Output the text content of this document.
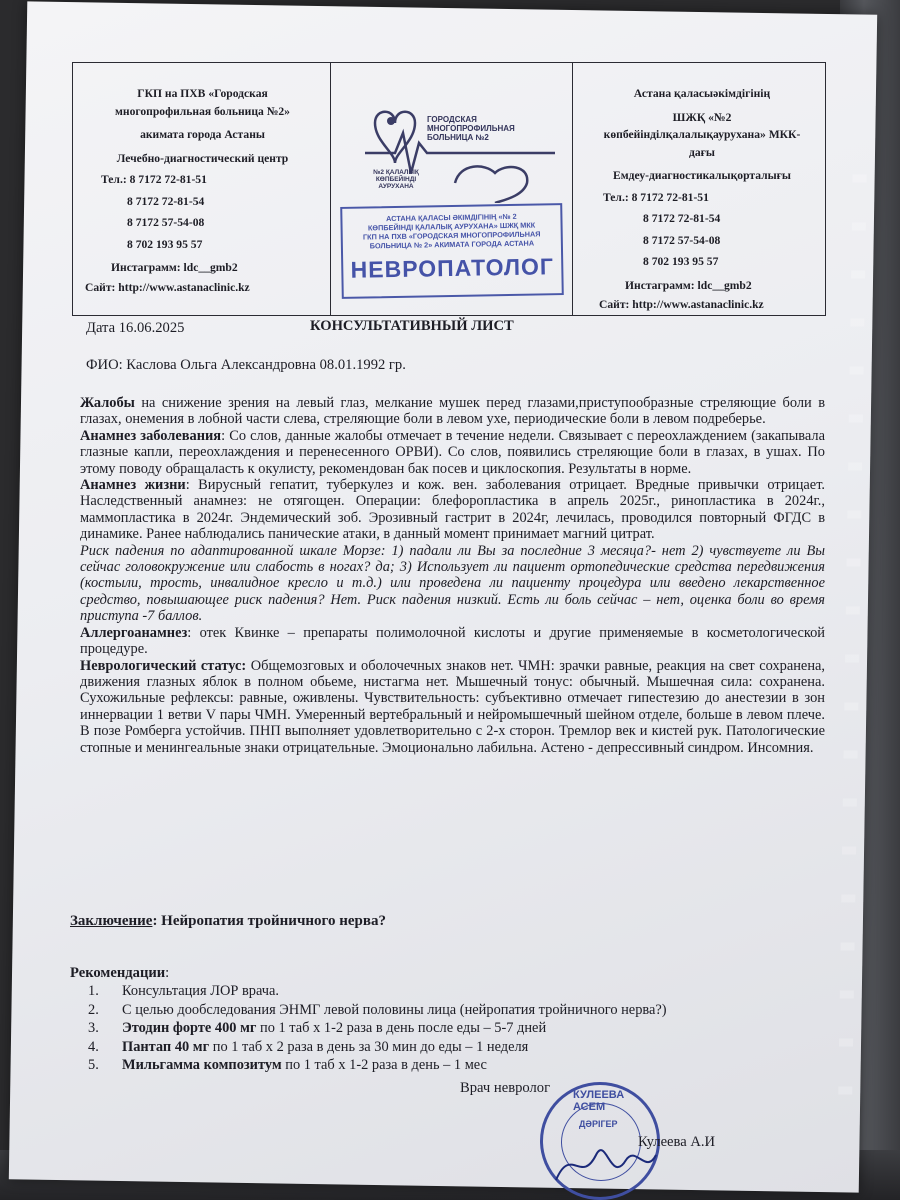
ГКП на ПХВ «Городская
многопрофильная больница №2»
акимата города Астаны
Лечебно-диагностический центр
Тел.: 8 7172 72-81-51
8 7172 72-81-54
8 7172 57-54-08
8 702 193 95 57
Инстаграмм: ldc__gmb2
Сайт: http://www.astanaclinic.kz
ГОРОДСКАЯ МНОГОПРОФИЛЬНАЯ БОЛЬНИЦА №2
№2 ҚАЛАЛЫҚ КӨПБЕЙІНДІ АУРУХАНА
АСТАНА ҚАЛАСЫ ӘКІМДІГІНІҢ «№ 2
КӨПБЕЙІНДІ ҚАЛАЛЫҚ АУРУХАНА» ШЖҚ МКК
ГКП НА ПХВ «ГОРОДСКАЯ МНОГОПРОФИЛЬНАЯ
БОЛЬНИЦА № 2» АКИМАТА ГОРОДА АСТАНА
НЕВРОПАТОЛОГ
Астана қаласыәкімдігінің
ШЖҚ «№2
көпбейінділқалалықаурухана» МКК-
дағы
Емдеу-диагностикалықорталығы
Тел.: 8 7172 72-81-51
8 7172 72-81-54
8 7172 57-54-08
8 702 193 95 57
Инстаграмм: ldc__gmb2
Сайт: http://www.astanaclinic.kz
Дата 16.06.2025	КОНСУЛЬТАТИВНЫЙ ЛИСТ
ФИО: Каслова Ольга Александровна 08.01.1992 гр.

Жалобы на снижение зрения на левый глаз, мелкание мушек перед глазами,приступообразные стреляющие боли в глазах, онемения в лобной части слева, стреляющие боли в левом ухе, периодические боли в левом подреберье.

Анамнез заболевания: Со слов, данные жалобы отмечает в течение недели. Связывает с переохлаждением (закапывала глазные капли, переохлаждения и перенесенного ОРВИ). Со слов, появились стреляющие боли в глазах, в ушах. По этому поводу обращаласть к окулисту, рекомендован бак посев и циклоскопия. Результаты в норме.

Анамнез жизни: Вирусный гепатит, туберкулез и кож. вен. заболевания отрицает. Вредные привычки отрицает. Наследственный анамнез: не отягощен. Операции: блефоропластика в апрель 2025г., ринопластика в 2024г., маммопластика в 2024г. Эндемический зоб. Эрозивный гастрит в 2024г, лечилась, проводился повторный ФГДС в динамике. Ранее наблюдались панические атаки, в данный момент принимает магний цитрат.

Риск падения по адаптированной шкале Морзе: 1) падали ли Вы за последние 3 месяца?- нет 2) чувствуете ли Вы сейчас головокружение или слабость в ногах? да; 3) Использует ли пациент ортопедические средства передвижения (костыли, трость, инвалидное кресло и т.д.) или проведена ли пациенту процедура или введено лекарственное средство, повышающее риск падения? Нет. Риск падения низкий. Есть ли боль сейчас – нет, оценка боли во время приступа -7 баллов.

Аллергоанамнез: отек Квинке – препараты полимолочной кислоты и другие применяемые в косметологической процедуре.

Неврологический статус: Общемозговых и оболочечных знаков нет. ЧМН: зрачки равные, реакция на свет сохранена, движения глазных яблок в полном обьеме, нистагма нет. Мышечный тонус: обычный. Мышечная сила: сохранена. Сухожильные рефлексы: равные, оживлены. Чувствительность: субъективно отмечает гипестезию до анестезии в зон иннервации 1 ветви V пары ЧМН. Умеренный вертебральный и нейромышечный шейном отделе, больше в левом плече. В позе Ромберга устойчив. ПНП выполняет удовлетворительно с 2-х сторон. Тремлор век и кистей рук. Патологические стопные и менингеальные знаки отрицательные. Эмоционально лабильна. Астено - депрессивный синдром. Инсомния.

Заключение: Нейропатия тройничного нерва?
Рекомендации:
1.	Консультация ЛОР врача.
2.	С целью дообследования ЭНМГ левой половины лица (нейропатия тройничного нерва?)
3.	Этодин форте 400 мг по 1 таб х 1-2 раза в день после еды – 5-7 дней
4.	Пантап 40 мг по 1 таб х 2 раза в день за 30 мин до еды – 1 неделя
5.	Мильгамма композитум по 1 таб х 1-2 раза в день – 1 мес
Врач невролог КУЛЕЕВА АСЕМ
ДӘРІГЕР
Кулеева А.И
